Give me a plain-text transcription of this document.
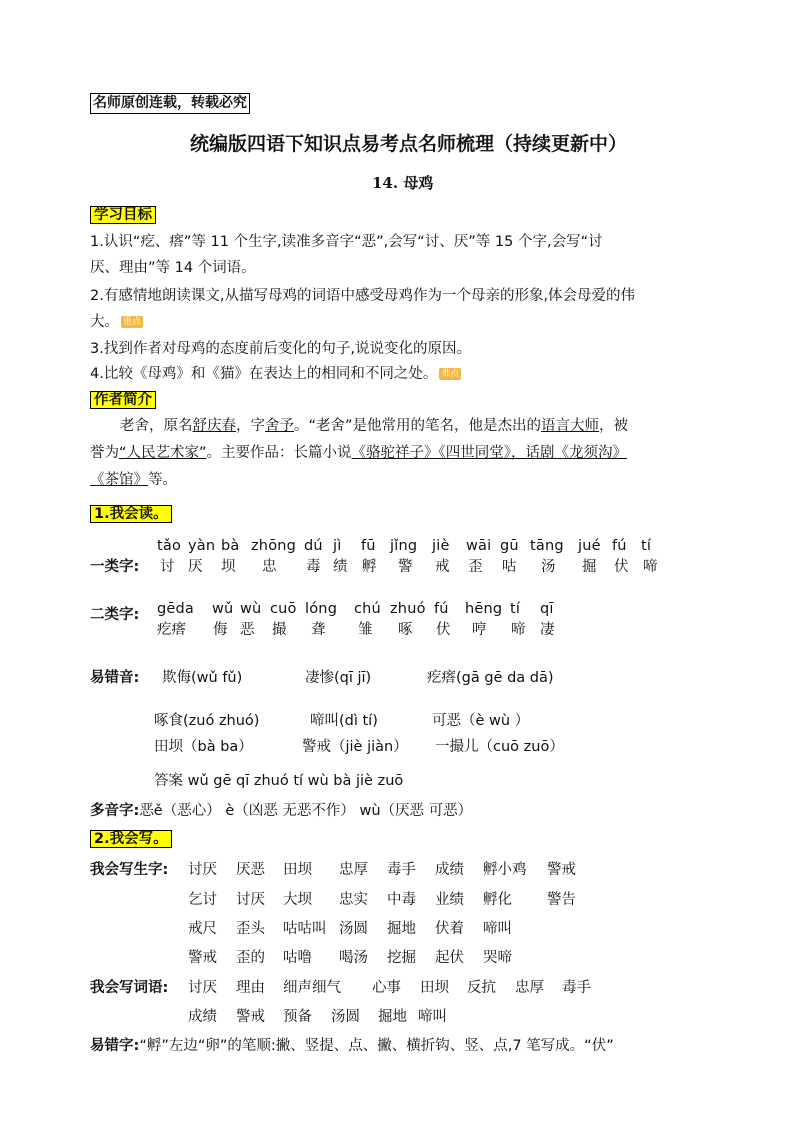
名师原创连载，转载必究
统编版四语下知识点易考点名师梳理（持续更新中）
14. 母鸡
学习目标
1.认识“疙、瘩”等 11 个生字,读准多音字“恶”,会写“讨、厌”等 15 个字,会写“讨
厌、理由”等 14 个词语。
2.有感情地朗读课文,从描写母鸡的词语中感受母鸡作为一个母亲的形象,体会母爱的伟
大。 重点
3.找到作者对母鸡的态度前后变化的句子,说说变化的原因。
4.比较《母鸡》和《猫》在表达上的相同和不同之处。 难点
作者简介
老舍，原名舒庆春，字舍予。“老舍”是他常用的笔名，他是杰出的语言大师，被
誉为“人民艺术家”。主要作品：长篇小说《骆驼祥子》《四世同堂》，话剧《龙须沟》
《茶馆》等。
1.我会读。
一类字:
tǎo yàn bà zhōng dú jì fū jǐng jiè wāi gū tāng jué fú tí
讨 厌 坝 忠 毒 绩 孵 警 戒 歪 咕 汤 掘 伏 啼
二类字: gēda wǔ wù cuō lóng chú zhuó fú hēng tí qī
疙瘩 侮 恶 撮 聋 雏 啄 伏 哼 啼 凄
易错音: 欺侮(wǔ fǔ)	凄惨(qī jī)	疙瘩(gā gē da dā)
啄食(zuó zhuó)	啼叫(dì tí)	可恶（è wù ）
田坝（bà ba）	警戒（jiè jiàn） 一撮儿（cuō zuō）
答案 wǔ gē qī zhuó tí wù bà jiè zuō
多音字:恶ě（恶心） è（凶恶 无恶不作） wù（厌恶 可恶）
2.我会写。
我会写生字: 讨厌 厌恶 田坝 忠厚 毒手 成绩 孵小鸡 警戒
乞讨 讨厌 大坝 忠实 中毒 业绩 孵化 警告
戒尺 歪头 咕咕叫 汤圆 掘地 伏着 啼叫
警戒 歪的 咕噜 喝汤 挖掘 起伏 哭啼
我会写词语: 讨厌 理由 细声细气 心事 田坝 反抗 忠厚 毒手
成绩 警戒 预备 汤圆 掘地 啼叫
易错字:“孵”左边“卵”的笔顺:撇、竖提、点、撇、横折钩、竖、点,7 笔写成。“伏”
